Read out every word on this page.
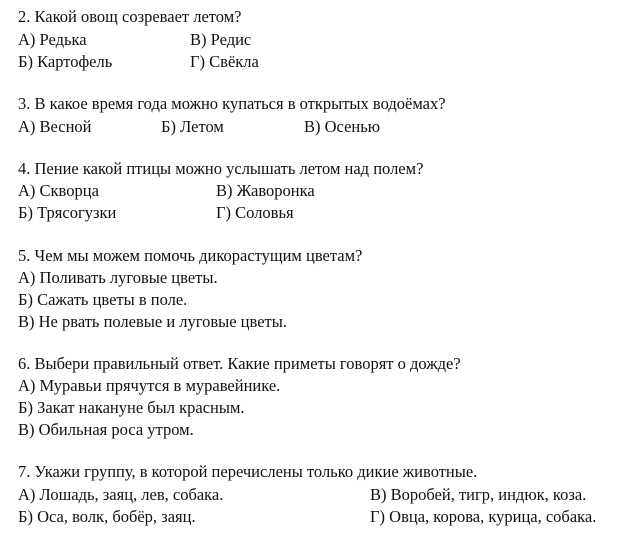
2. Какой овощ созревает летом?
А) Редька	В) Редис
Б) Картофель	Г) Свёкла
3. В какое время года можно купаться в открытых водоёмах?
А) Весной	Б) Летом	В) Осенью
4. Пение какой птицы можно услышать летом над полем?
А) Скворца	В) Жаворонка
Б) Трясогузки	Г) Соловья
5. Чем мы можем помочь дикорастущим цветам?
А) Поливать луговые цветы.
Б) Сажать цветы в поле.
В) Не рвать полевые и луговые цветы.
6. Выбери правильный ответ. Какие приметы говорят о дожде?
А) Муравьи прячутся в муравейнике.
Б) Закат накануне был красным.
В) Обильная роса утром.
7. Укажи группу, в которой перечислены только дикие животные.
А) Лошадь, заяц, лев, собака.	В) Воробей, тигр, индюк, коза.
Б) Оса, волк, бобёр, заяц.	Г) Овца, корова, курица, собака.
